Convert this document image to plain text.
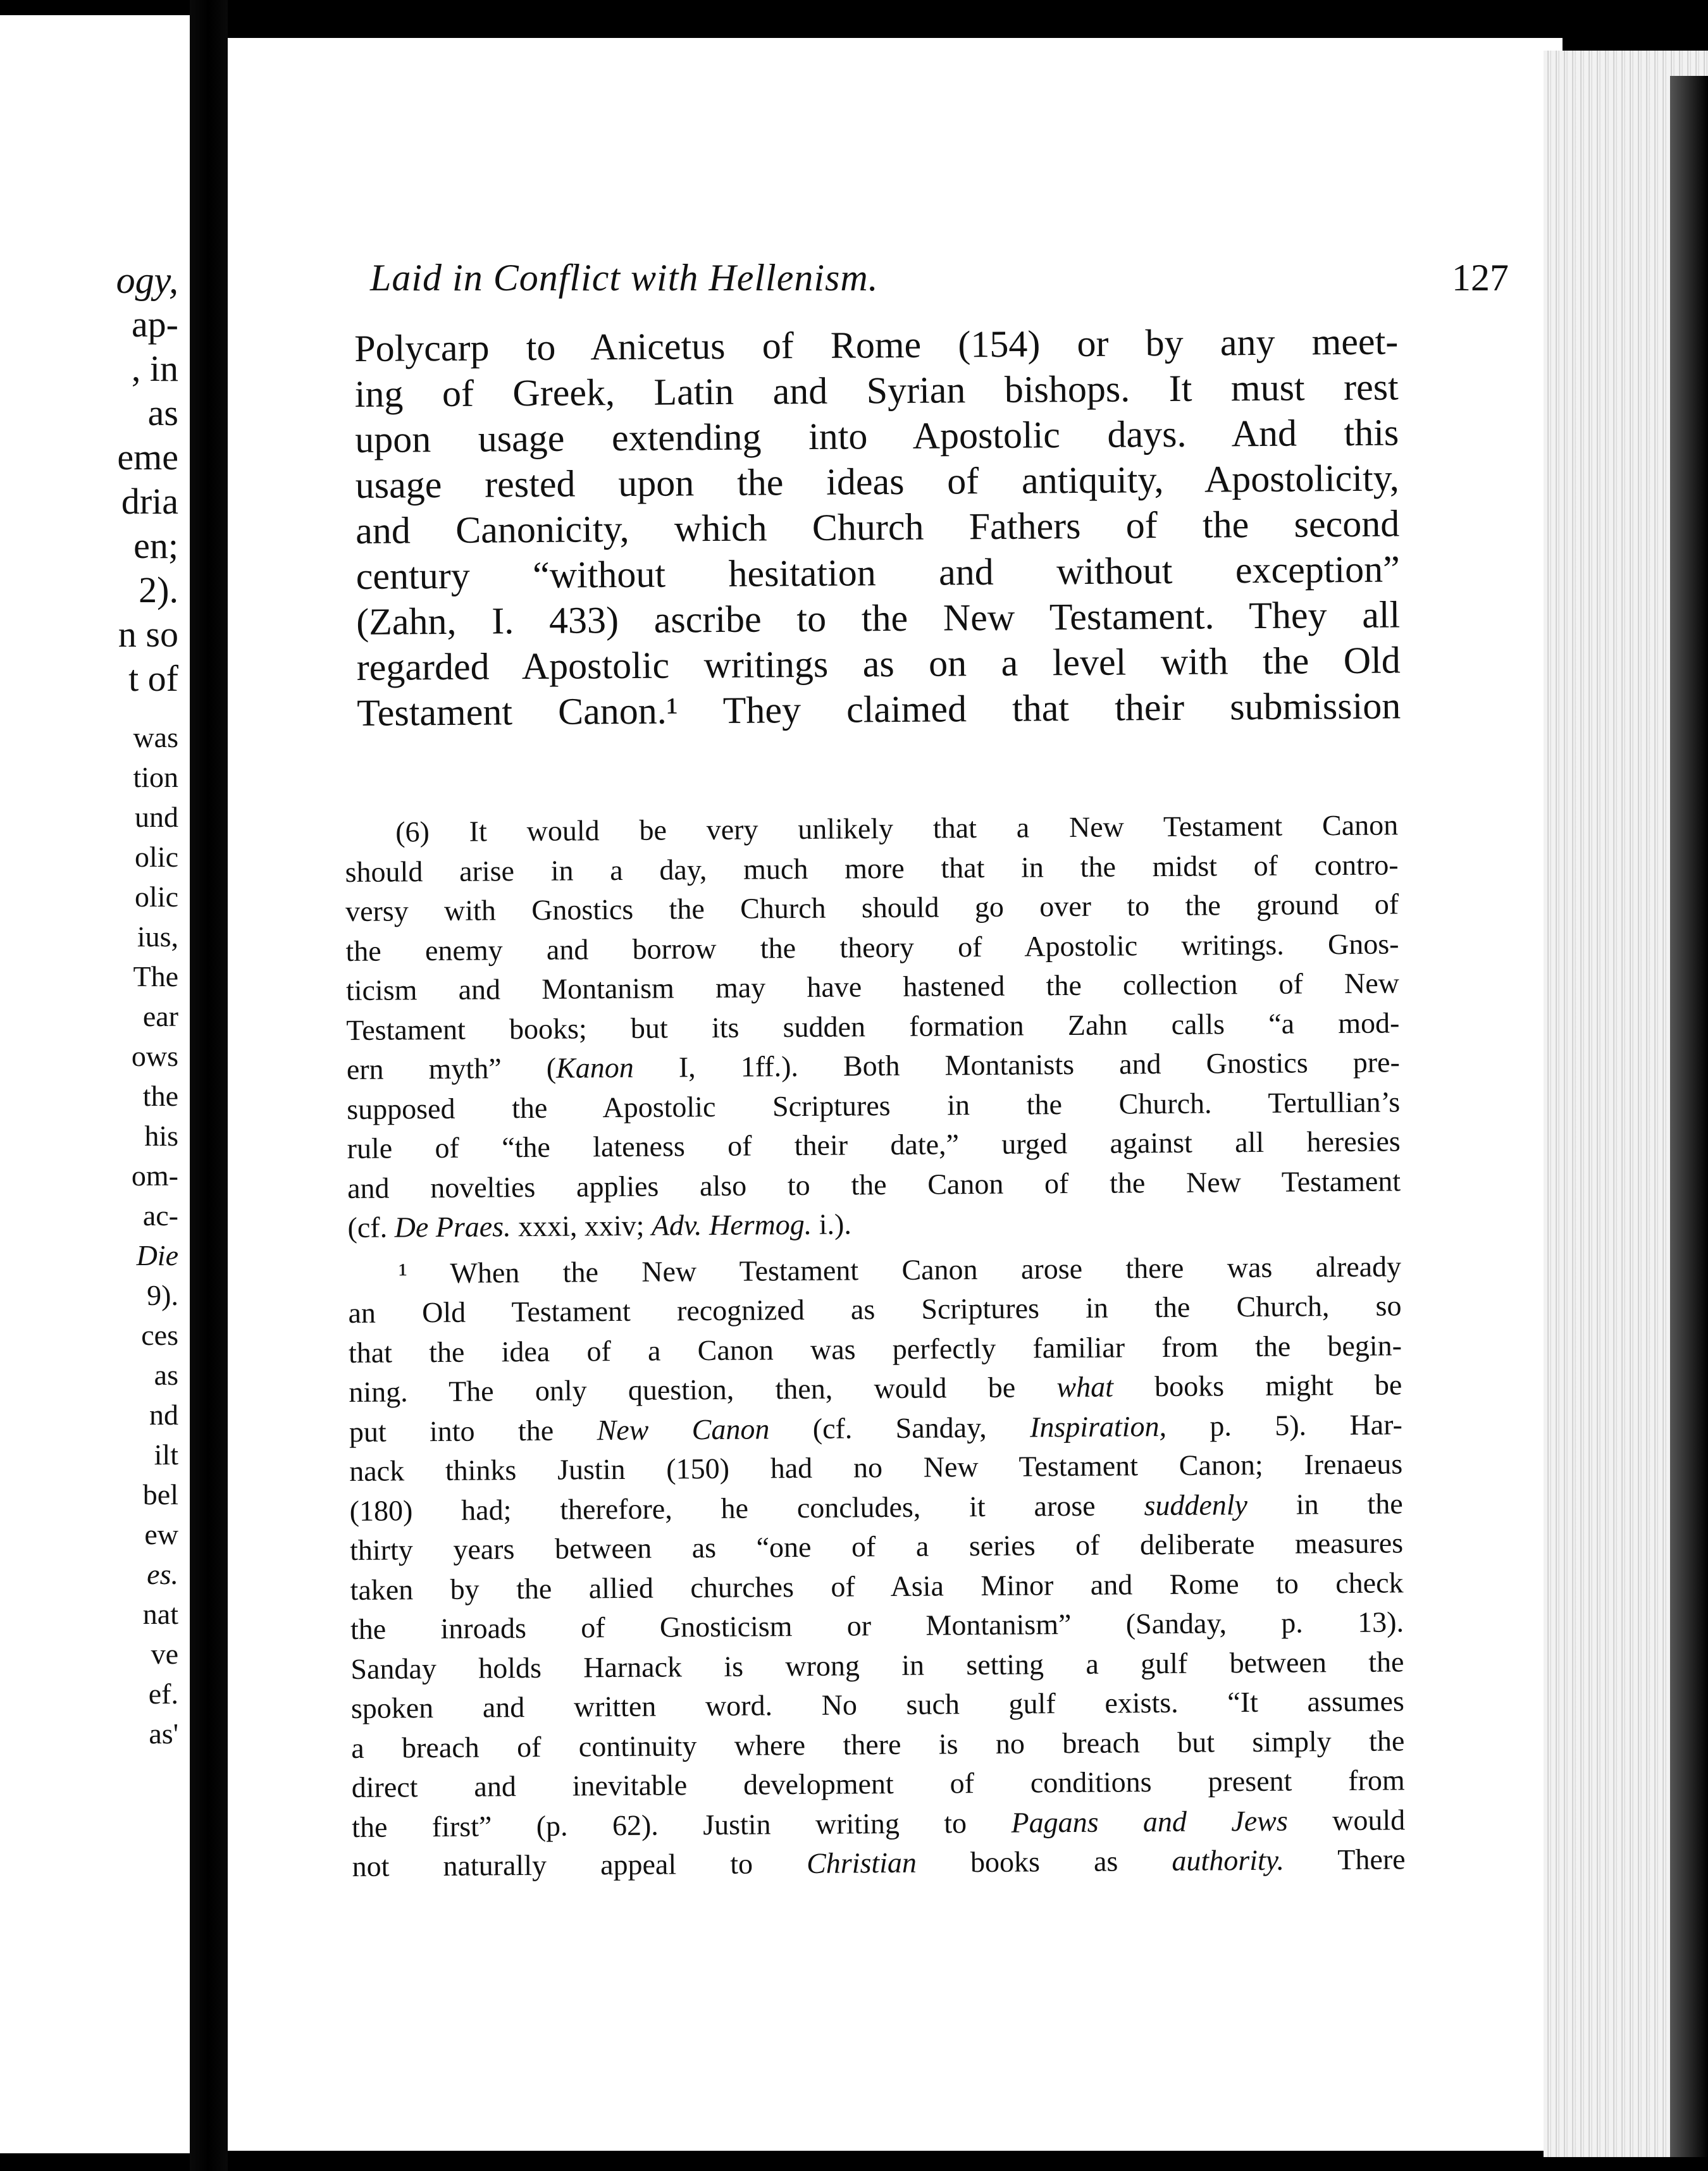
ogy,
ap-
, in
as
eme
dria
en;
2).
n so
t of
was
tion
und
olic
olic
ius,
The
ear
ows
the
his
om-
ac-
Die
9).
ces
as
nd
ilt
bel
ew
es.
nat
ve
ef.
as'
Laid in Conflict with Hellenism.	127
Polycarp to Anicetus of Rome (154) or by any meet-
ing of Greek, Latin and Syrian bishops. It must rest
upon usage extending into Apostolic days. And this
usage rested upon the ideas of antiquity, Apostolicity,
and Canonicity, which Church Fathers of the second
century “without hesitation and without exception”
(Zahn, I. 433) ascribe to the New Testament. They all
regarded Apostolic writings as on a level with the Old
Testament Canon.¹ They claimed that their submission
(6) It would be very unlikely that a New Testament Canon
should arise in a day, much more that in the midst of contro-
versy with Gnostics the Church should go over to the ground of
the enemy and borrow the theory of Apostolic writings. Gnos-
ticism and Montanism may have hastened the collection of New
Testament books; but its sudden formation Zahn calls “a mod-
ern myth” (Kanon I, 1ff.). Both Montanists and Gnostics pre-
supposed the Apostolic Scriptures in the Church. Tertullian’s
rule of “the lateness of their date,” urged against all heresies
and novelties applies also to the Canon of the New Testament
(cf. De Praes. xxxi, xxiv; Adv. Hermog. i.).
¹ When the New Testament Canon arose there was already
an Old Testament recognized as Scriptures in the Church, so
that the idea of a Canon was perfectly familiar from the begin-
ning. The only question, then, would be what books might be
put into the New Canon (cf. Sanday, Inspiration, p. 5). Har-
nack thinks Justin (150) had no New Testament Canon; Irenaeus
(180) had; therefore, he concludes, it arose suddenly in the
thirty years between as “one of a series of deliberate measures
taken by the allied churches of Asia Minor and Rome to check
the inroads of Gnosticism or Montanism” (Sanday, p. 13).
Sanday holds Harnack is wrong in setting a gulf between the
spoken and written word. No such gulf exists. “It assumes
a breach of continuity where there is no breach but simply the
direct and inevitable development of conditions present from
the first” (p. 62). Justin writing to Pagans and Jews would
not naturally appeal to Christian books as authority. There
